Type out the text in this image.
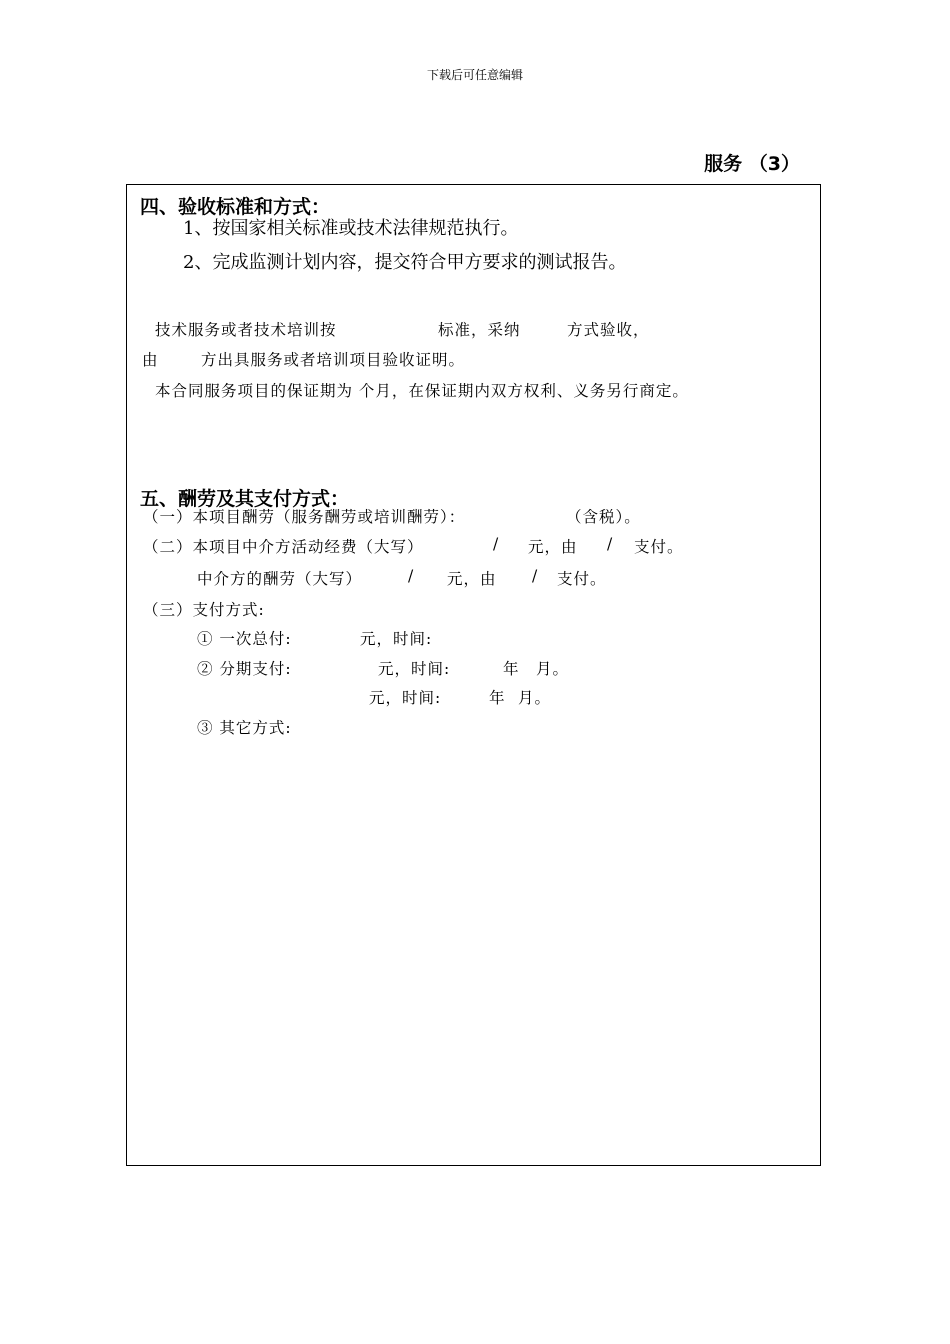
下载后可任意编辑
服务 （3）
四、验收标准和方式：
1、按国家相关标准或技术法律规范执行。
2、完成监测计划内容，提交符合甲方要求的测试报告。
技术服务或者技术培训按	标准，采纳	方式验收，
由	方出具服务或者培训项目验收证明。
本合同服务项目的保证期为 个月，在保证期内双方权利、义务另行商定。
五、酬劳及其支付方式：
（一）本项目酬劳（服务酬劳或培训酬劳）：	（含税）。
（二）本项目中介方活动经费（大写）	/ 元，由 / 支付。
中介方的酬劳（大写）	/ 元，由 / 支付。
（三）支付方式:
① 一次总付:	元，时间:
② 分期支付:	元，时间:	年 月。
元，时间:	年 月。
③ 其它方式:
